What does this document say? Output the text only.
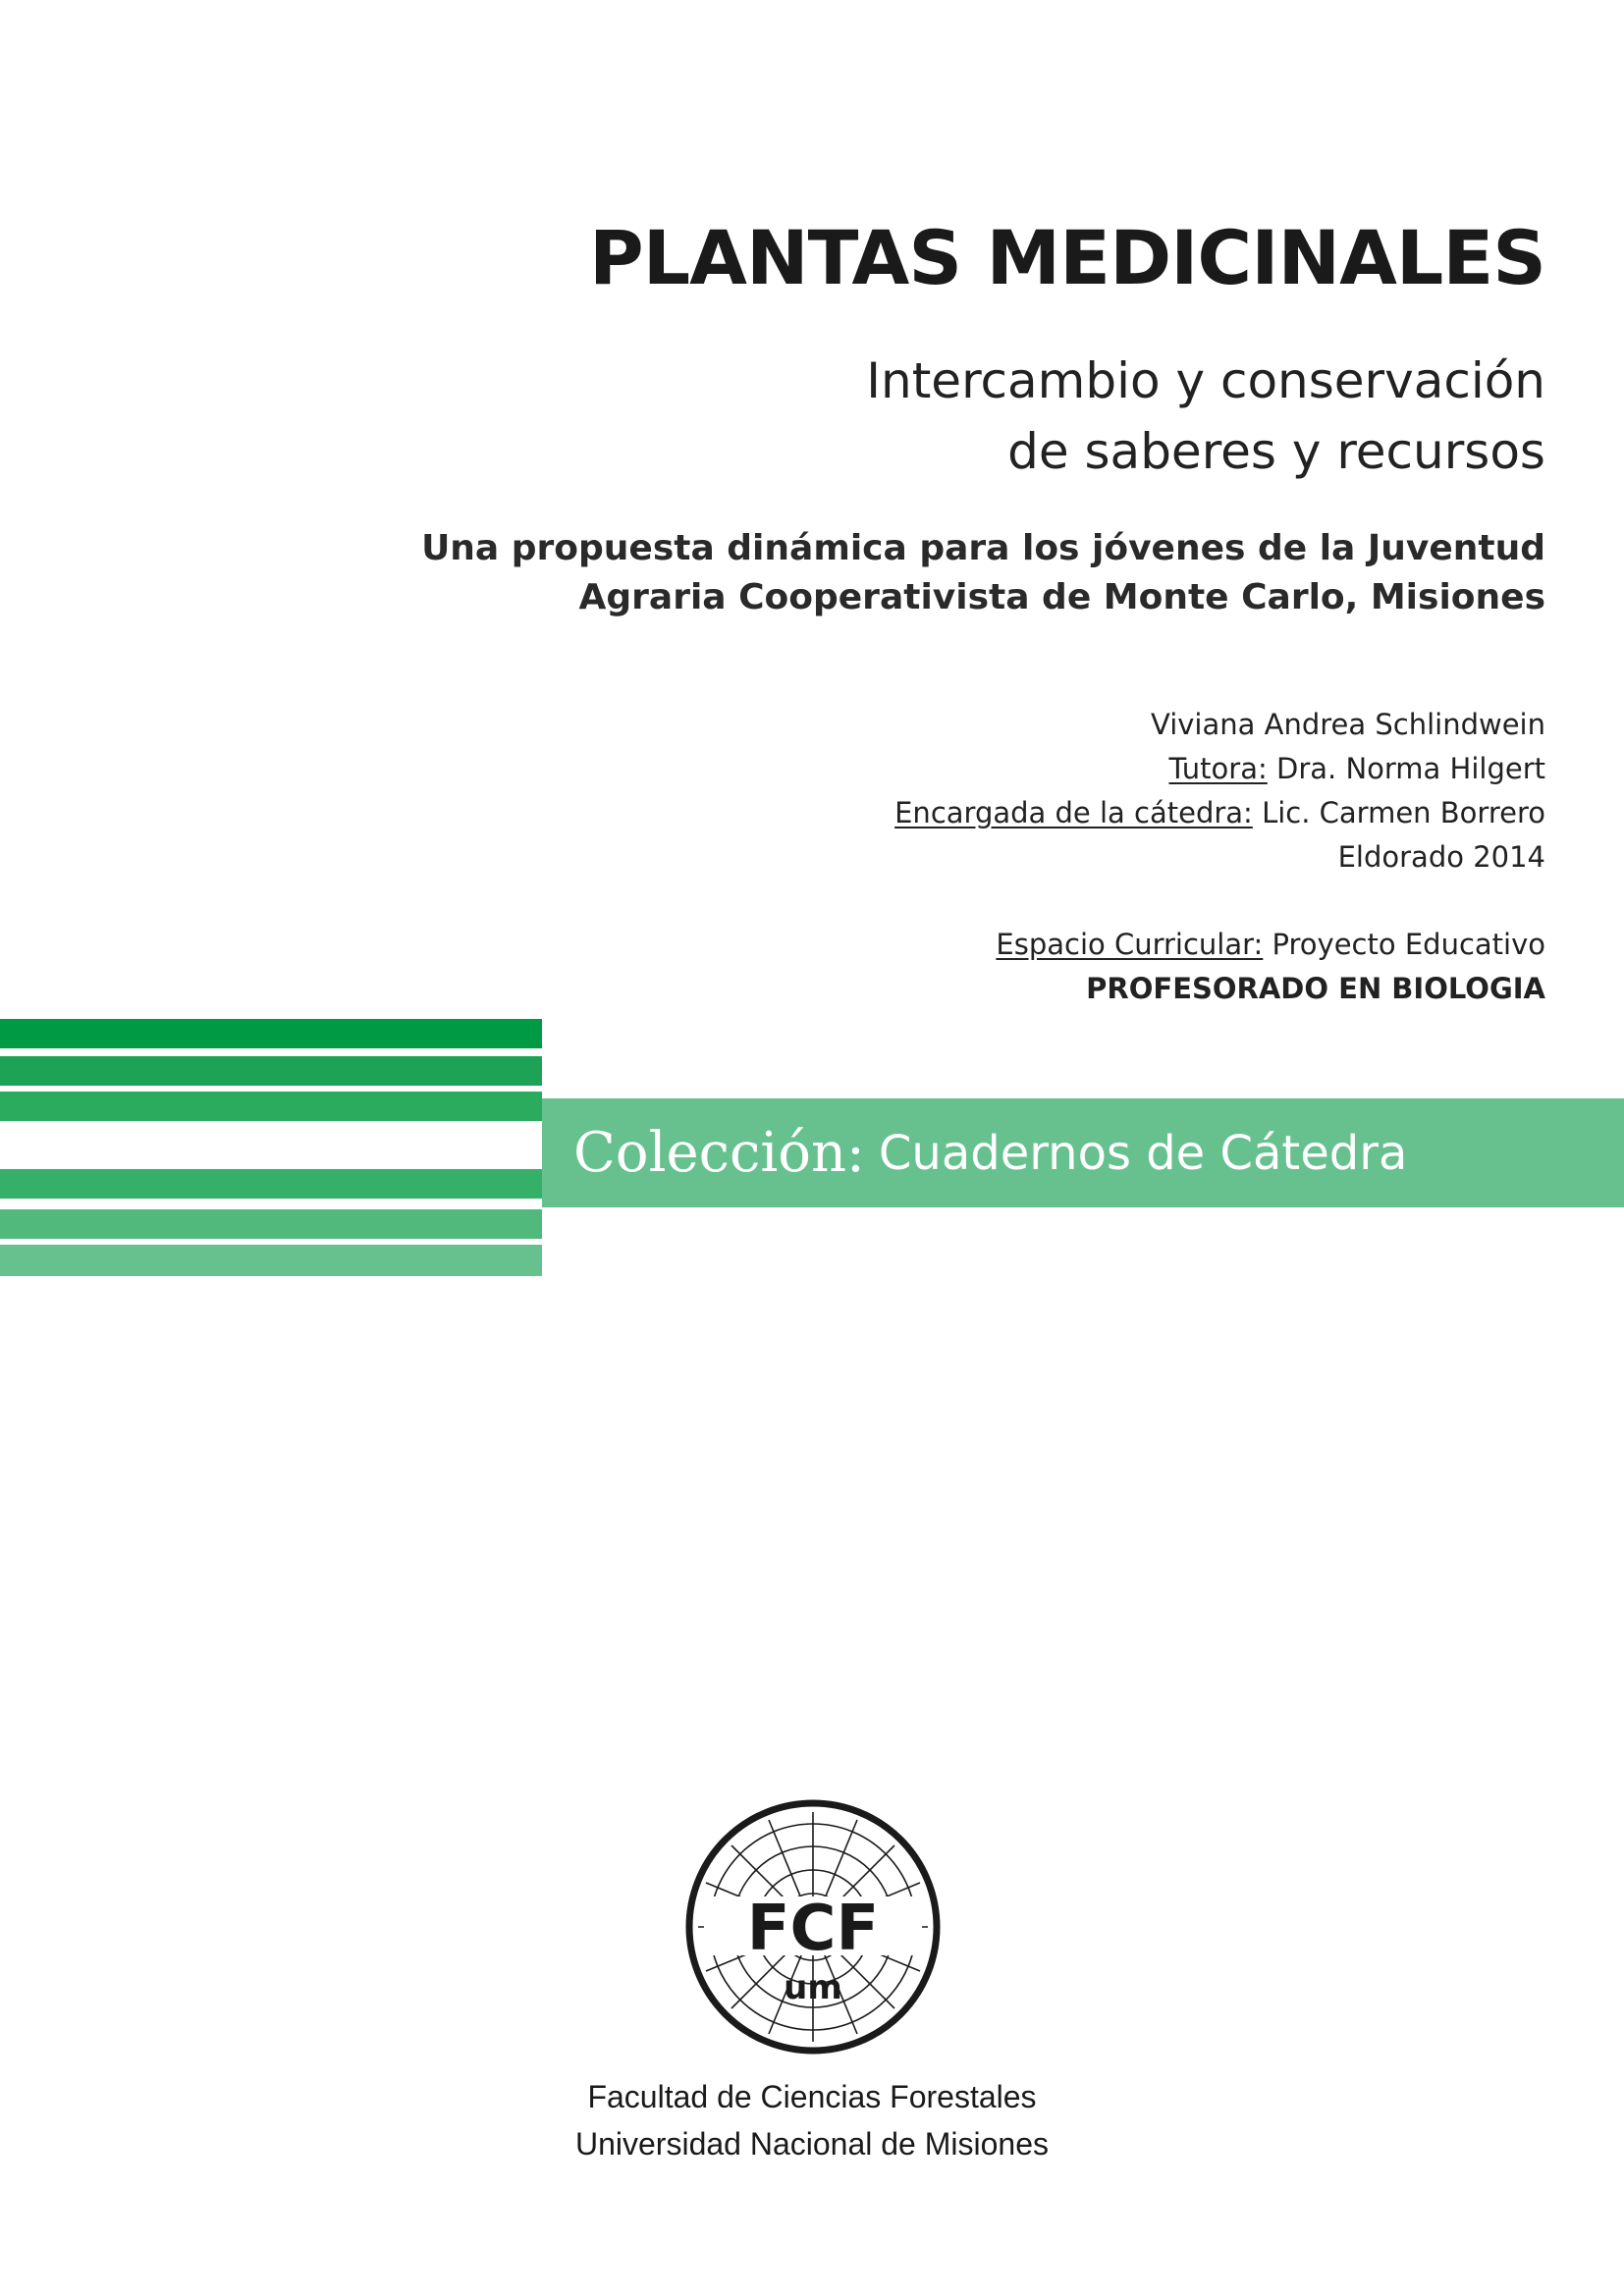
PLANTAS MEDICINALES
Intercambio y conservación
de saberes y recursos
Una propuesta dinámica para los jóvenes de la Juventud
Agraria Cooperativista de Monte Carlo, Misiones
Viviana Andrea Schlindwein
Tutora: Dra. Norma Hilgert
Encargada de la cátedra: Lic. Carmen Borrero
Eldorado 2014
Espacio Curricular: Proyecto Educativo
PROFESORADO EN BIOLOGIA
Colección: Cuadernos de Cátedra
FCF
um
Facultad de Ciencias Forestales
Universidad Nacional de Misiones
